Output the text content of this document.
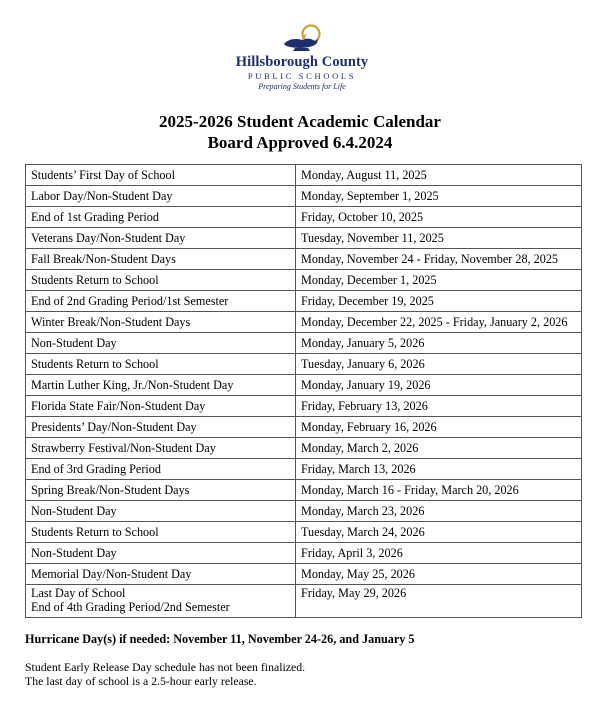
Hillsborough County
PUBLIC SCHOOLS
Preparing Students for Life
2025-2026 Student Academic Calendar
Board Approved 6.4.2024
Students’ First Day of School	Monday, August 11, 2025
Labor Day/Non-Student Day	Monday, September 1, 2025
End of 1st Grading Period	Friday, October 10, 2025
Veterans Day/Non-Student Day	Tuesday, November 11, 2025
Fall Break/Non-Student Days	Monday, November 24 - Friday, November 28, 2025
Students Return to School	Monday, December 1, 2025
End of 2nd Grading Period/1st Semester	Friday, December 19, 2025
Winter Break/Non-Student Days	Monday, December 22, 2025 - Friday, January 2, 2026
Non-Student Day	Monday, January 5, 2026
Students Return to School	Tuesday, January 6, 2026
Martin Luther King, Jr./Non-Student Day	Monday, January 19, 2026
Florida State Fair/Non-Student Day	Friday, February 13, 2026
Presidents’ Day/Non-Student Day	Monday, February 16, 2026
Strawberry Festival/Non-Student Day	Monday, March 2, 2026
End of 3rd Grading Period	Friday, March 13, 2026
Spring Break/Non-Student Days	Monday, March 16 - Friday, March 20, 2026
Non-Student Day	Monday, March 23, 2026
Students Return to School	Tuesday, March 24, 2026
Non-Student Day	Friday, April 3, 2026
Memorial Day/Non-Student Day	Monday, May 25, 2026

Last Day of School
End of 4th Grading Period/2nd Semester	Friday, May 29, 2026
Hurricane Day(s) if needed: November 11, November 24-26, and January 5
Student Early Release Day schedule has not been finalized.
The last day of school is a 2.5-hour early release.
